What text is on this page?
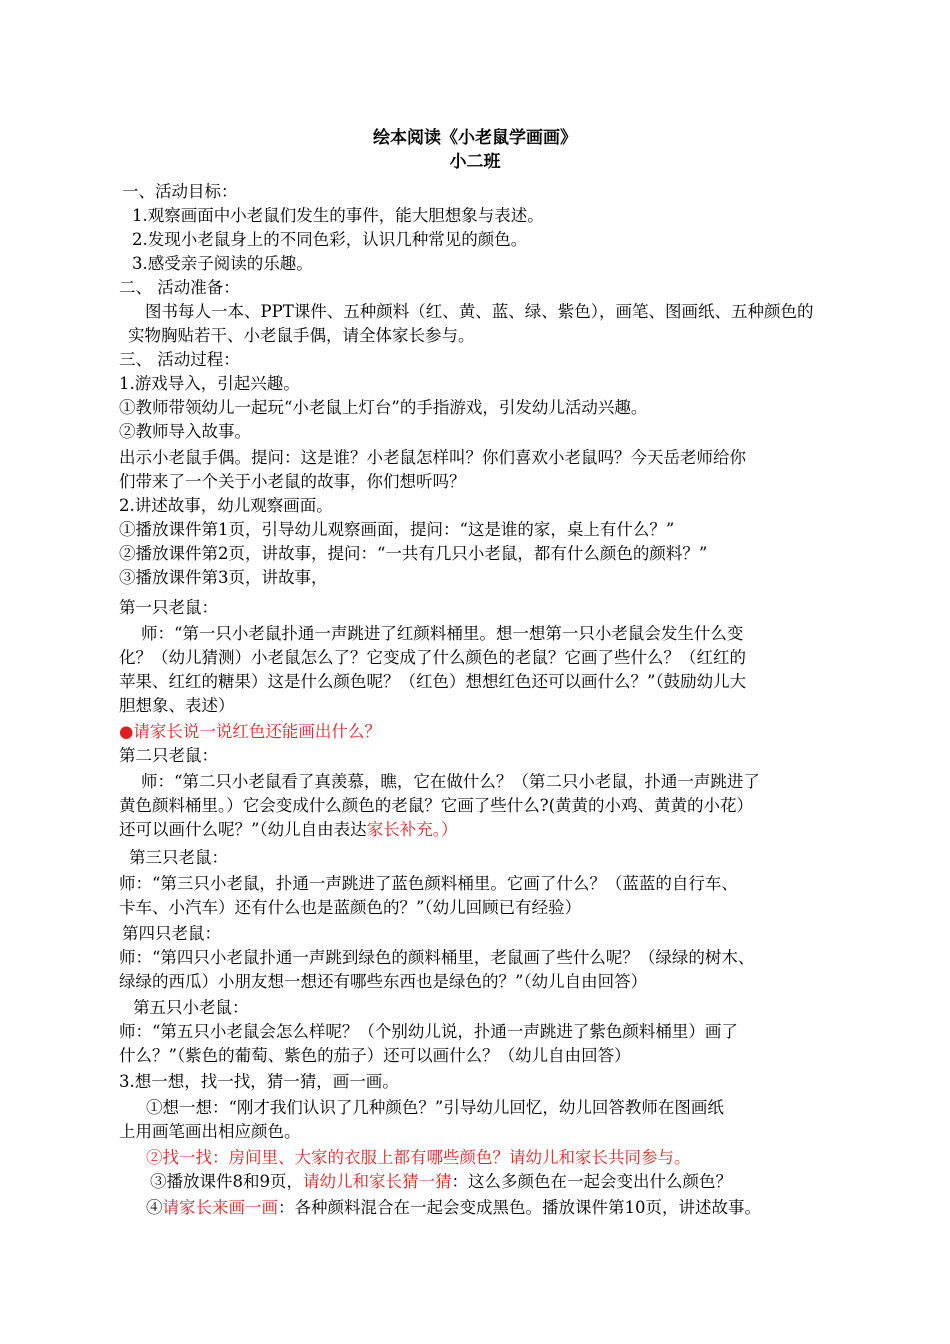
绘本阅读《小老鼠学画画》
小二班
一、活动目标：
1.观察画面中小老鼠们发生的事件，能大胆想象与表述。
2.发现小老鼠身上的不同色彩，认识几种常见的颜色。
3.感受亲子阅读的乐趣。
二、 活动准备：
图书每人一本、PPT课件、五种颜料（红、黄、蓝、绿、紫色），画笔、图画纸、五种颜色的
实物胸贴若干、小老鼠手偶，请全体家长参与。
三、 活动过程：
1.游戏导入，引起兴趣。
①教师带领幼儿一起玩“小老鼠上灯台”的手指游戏，引发幼儿活动兴趣。
②教师导入故事。
出示小老鼠手偶。提问：这是谁？小老鼠怎样叫？你们喜欢小老鼠吗？今天岳老师给你
们带来了一个关于小老鼠的故事，你们想听吗？
2.讲述故事，幼儿观察画面。
①播放课件第1页，引导幼儿观察画面，提问：“这是谁的家，桌上有什么？”
②播放课件第2页，讲故事，提问：“一共有几只小老鼠，都有什么颜色的颜料？”
③播放课件第3页，讲故事，
第一只老鼠：
师：“第一只小老鼠扑通一声跳进了红颜料桶里。想一想第一只小老鼠会发生什么变
化？（幼儿猜测）小老鼠怎么了？它变成了什么颜色的老鼠？它画了些什么？（红红的
苹果、红红的糖果）这是什么颜色呢？（红色）想想红色还可以画什么？”（鼓励幼儿大
胆想象、表述）
●请家长说一说红色还能画出什么？
第二只老鼠：
师：“第二只小老鼠看了真羡慕，瞧，它在做什么？（第二只小老鼠，扑通一声跳进了
黄色颜料桶里。）它会变成什么颜色的老鼠？它画了些什么?(黄黄的小鸡、黄黄的小花）
还可以画什么呢？”（幼儿自由表达家长补充。）
第三只老鼠：
师：“第三只小老鼠，扑通一声跳进了蓝色颜料桶里。它画了什么？（蓝蓝的自行车、
卡车、小汽车）还有什么也是蓝颜色的？”（幼儿回顾已有经验）
第四只老鼠：
师：“第四只小老鼠扑通一声跳到绿色的颜料桶里，老鼠画了些什么呢？（绿绿的树木、
绿绿的西瓜）小朋友想一想还有哪些东西也是绿色的？”（幼儿自由回答）
第五只小老鼠：
师：“第五只小老鼠会怎么样呢？（个别幼儿说，扑通一声跳进了紫色颜料桶里）画了
什么？”（紫色的葡萄、紫色的茄子）还可以画什么？（幼儿自由回答）
3.想一想，找一找，猜一猜，画一画。
①想一想：“刚才我们认识了几种颜色？”引导幼儿回忆，幼儿回答教师在图画纸
上用画笔画出相应颜色。
②找一找：房间里、大家的衣服上都有哪些颜色？请幼儿和家长共同参与。
③播放课件8和9页，请幼儿和家长猜一猜：这么多颜色在一起会变出什么颜色？
④请家长来画一画：各种颜料混合在一起会变成黑色。播放课件第10页，讲述故事。
